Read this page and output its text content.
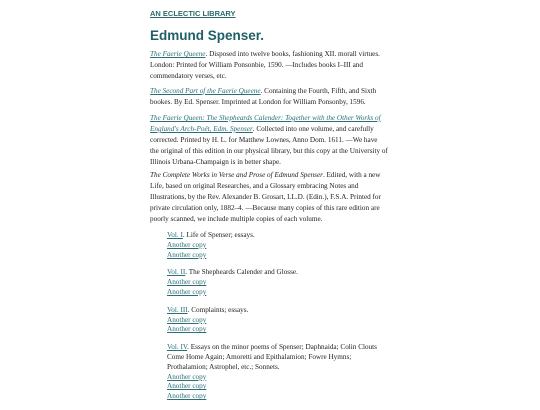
AN ECLECTIC LIBRARY
Edmund Spenser.

The Faerie Queene. Disposed into twelve books, fashioning XII. morall virtues. London: Printed for William Ponsonbie, 1590. —Includes books I–III and commendatory verses, etc.

The Second Part of the Faerie Queene. Containing the Fourth, Fifth, and Sixth bookes. By Ed. Spenser. Imprinted at London for William Ponsonby, 1596.

The Faerie Queen: The Shepheards Calender: Together with the Other Works of England's Arch-Poët, Edm. Spenser. Collected into one volume, and carefully corrected. Printed by H. L. for Matthew Lownes, Anno Dom. 1611. —We have the original of this edition in our physical library, but this copy at the University of Illinois Urbana-Champaign is in better shape.

The Complete Works in Verse and Prose of Edmund Spenser. Edited, with a new Life, based on original Researches, and a Glossary embracing Notes and Illustrations, by the Rev. Alexander B. Grosart, LL.D. (Edin.), F.S.A. Printed for private circulation only, 1882–4. —Because many copies of this rare edition are poorly scanned, we include multiple copies of each volume.

Vol. I. Life of Spenser; essays.
Another copy
Another copy
Vol. II. The Shepheards Calender and Glosse.
Another copy
Another copy
Vol. III. Complaints; essays.
Another copy
Another copy
Vol. IV. Essays on the minor poems of Spenser; Daphnaida; Colin Clouts Come Home Again; Amoretti and Epithalamion; Fowre Hymns; Prothalamion; Astrophel, etc.; Sonnets.
Another copy
Another copy
Another copy
